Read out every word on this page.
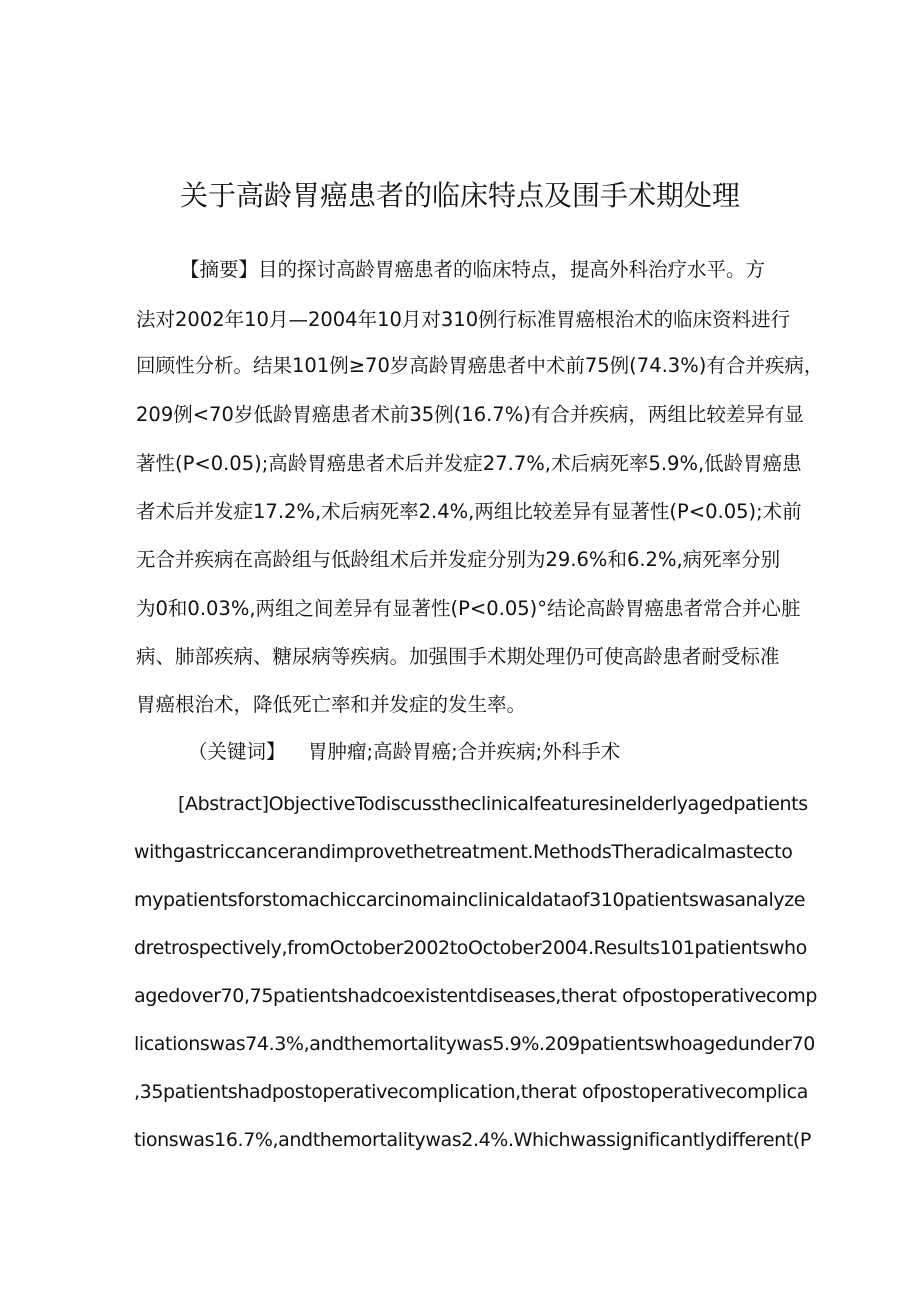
关于高龄胃癌患者的临床特点及围手术期处理
【摘要】目的探讨高龄胃癌患者的临床特点，提高外科治疗水平。方
法对2002年10月—2004年10月对310例行标准胃癌根治术的临床资料进行
回顾性分析。结果101例≥70岁高龄胃癌患者中术前75例(74.3%)有合并疾病，
209例<70岁低龄胃癌患者术前35例(16.7%)有合并疾病，两组比较差异有显
著性(P<0.05);高龄胃癌患者术后并发症27.7%,术后病死率5.9%,低龄胃癌患
者术后并发症17.2%,术后病死率2.4%,两组比较差异有显著性(P<0.05);术前
无合并疾病在高龄组与低龄组术后并发症分别为29.6%和6.2%,病死率分别
为0和0.03%,两组之间差异有显著性(P<0.05)°结论高龄胃癌患者常合并心脏
病、肺部疾病、糖尿病等疾病。加强围手术期处理仍可使高龄患者耐受标准
胃癌根治术，降低死亡率和并发症的发生率。
（关键词】 胃肿瘤;高龄胃癌;合并疾病;外科手术
[Abstract]ObjectiveTodiscusstheclinicalfeaturesinelderlyagedpatients
withgastriccancerandimprovethetreatment.MethodsTheradicalmastecto
mypatientsforstomachiccarcinomainclinicaldataof310patientswasanalyze
dretrospectively,fromOctober2002toOctober2004.Results101patientswho
agedover70,75patientshadcoexistentdiseases,therat ofpostoperativecomp
licationswas74.3%,andthemortalitywas5.9%.209patientswhoagedunder70
,35patientshadpostoperativecomplication,therat ofpostoperativecomplica
tionswas16.7%,andthemortalitywas2.4%.Whichwassignificantlydifferent(P
